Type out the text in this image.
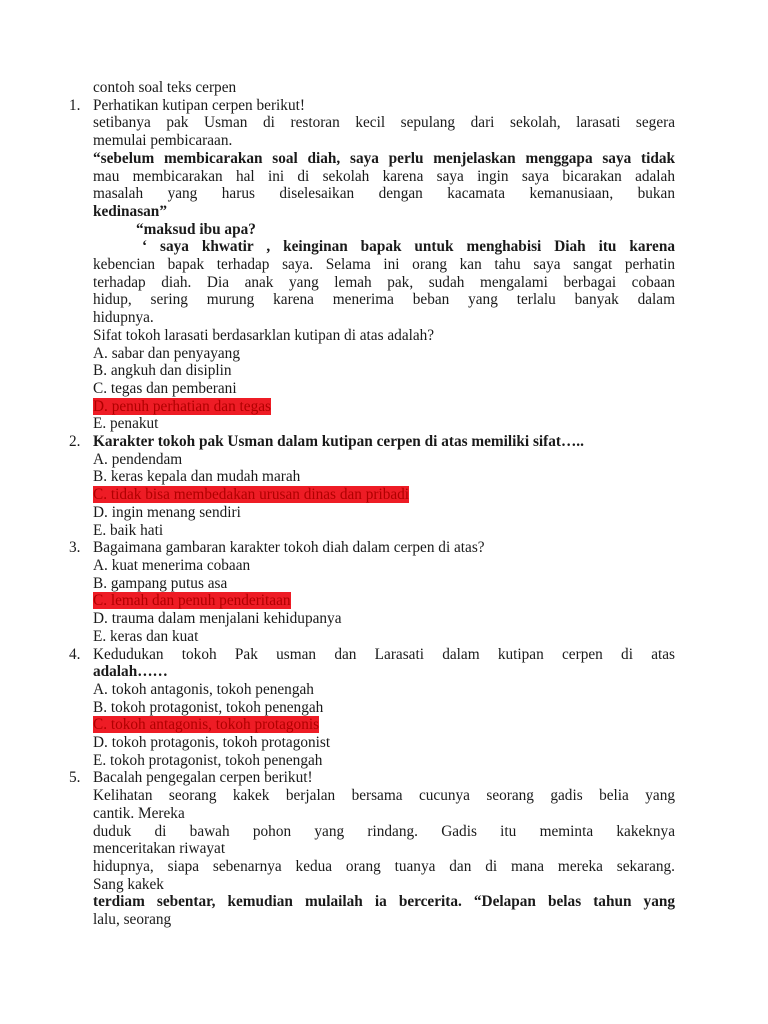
contoh soal teks cerpen
1. Perhatikan kutipan cerpen berikut!
setibanya pak Usman di restoran kecil sepulang dari sekolah, larasati segera
memulai pembicaraan.
“sebelum membicarakan soal diah, saya perlu menjelaskan menggapa saya tidak
mau membicarakan hal ini di sekolah karena saya ingin saya bicarakan adalah
masalah yang harus diselesaikan dengan kacamata kemanusiaan, bukan
kedinasan”
“maksud ibu apa?
‘ saya khwatir , keinginan bapak untuk menghabisi Diah itu karena
kebencian bapak terhadap saya. Selama ini orang kan tahu saya sangat perhatin
terhadap diah. Dia anak yang lemah pak, sudah mengalami berbagai cobaan
hidup, sering murung karena menerima beban yang terlalu banyak dalam
hidupnya.
Sifat tokoh larasati berdasarklan kutipan di atas adalah?
A. sabar dan penyayang
B. angkuh dan disiplin
C. tegas dan pemberani
D. penuh perhatian dan tegas
E. penakut
2. Karakter tokoh pak Usman dalam kutipan cerpen di atas memiliki sifat…..
A. pendendam
B. keras kepala dan mudah marah
C. tidak bisa membedakan urusan dinas dan pribadi
D. ingin menang sendiri
E. baik hati
3. Bagaimana gambaran karakter tokoh diah dalam cerpen di atas?
A. kuat menerima cobaan
B. gampang putus asa
C. lemah dan penuh penderitaan
D. trauma dalam menjalani kehidupanya
E. keras dan kuat
4. Kedudukan tokoh Pak usman dan Larasati dalam kutipan cerpen di atas
adalah……
A. tokoh antagonis, tokoh penengah
B. tokoh protagonist, tokoh penengah
C. tokoh antagonis, tokoh protagonis
D. tokoh protagonis, tokoh protagonist
E. tokoh protagonist, tokoh penengah
5. Bacalah pengegalan cerpen berikut!
Kelihatan seorang kakek berjalan bersama cucunya seorang gadis belia yang
cantik. Mereka
duduk di bawah pohon yang rindang. Gadis itu meminta kakeknya
menceritakan riwayat
hidupnya, siapa sebenarnya kedua orang tuanya dan di mana mereka sekarang.
Sang kakek
terdiam sebentar, kemudian mulailah ia bercerita. “Delapan belas tahun yang
lalu, seorang
